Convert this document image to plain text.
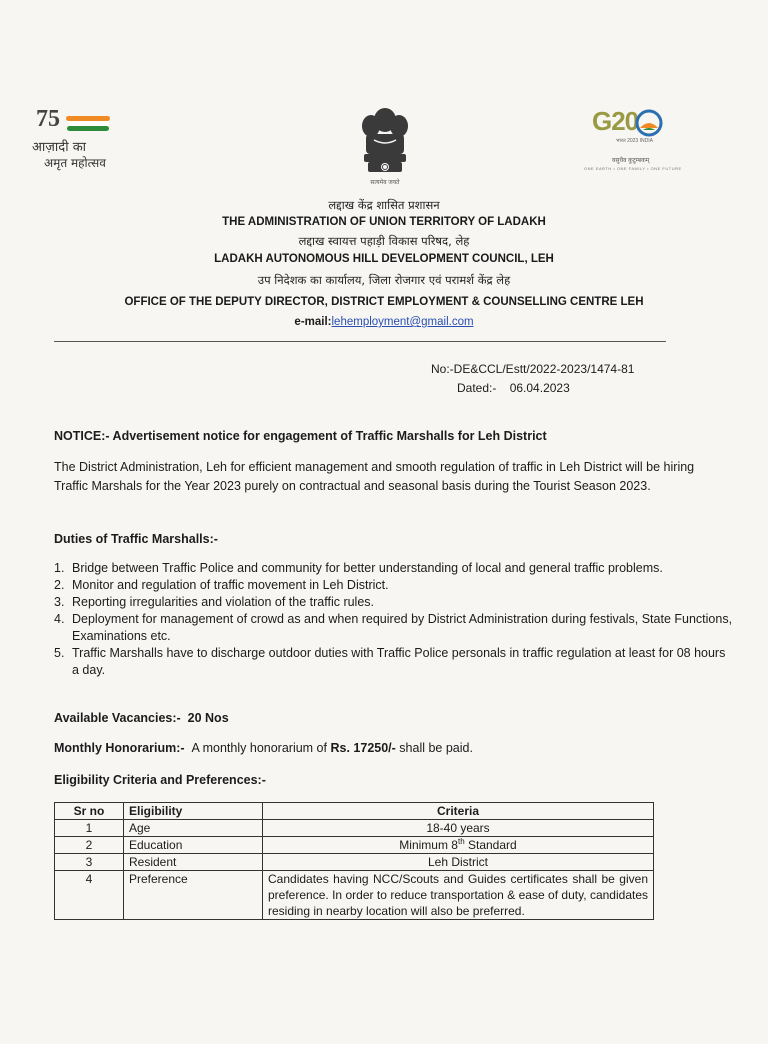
75
आज़ादी का
अमृत महोत्सव
सत्यमेव जयते
G20
भारत 2023 INDIA
वसुधैव कुटुम्बकम्
ONE EARTH • ONE FAMILY • ONE FUTURE
लद्दाख केंद्र शासित प्रशासन
THE ADMINISTRATION OF UNION TERRITORY OF LADAKH
लद्दाख स्वायत्त पहाड़ी विकास परिषद, लेह
LADAKH AUTONOMOUS HILL DEVELOPMENT COUNCIL, LEH
उप निदेशक का कार्यालय, जिला रोजगार एवं परामर्श केंद्र लेह
OFFICE OF THE DEPUTY DIRECTOR, DISTRICT EMPLOYMENT & COUNSELLING CENTRE LEH
e-mail:lehemployment@gmail.com
No:-DE&CCL/Estt/2022-2023/1474-81
Dated:- 06.04.2023
NOTICE:- Advertisement notice for engagement of Traffic Marshalls for Leh District
The District Administration, Leh for efficient management and smooth regulation of traffic in Leh District will be hiring Traffic Marshals for the Year 2023 purely on contractual and seasonal basis during the Tourist Season 2023.
Duties of Traffic Marshalls:-
1. Bridge between Traffic Police and community for better understanding of local and general traffic problems.
2. Monitor and regulation of traffic movement in Leh District.
3. Reporting irregularities and violation of the traffic rules.
4. Deployment for management of crowd as and when required by District Administration during festivals, State Functions, Examinations etc.
5. Traffic Marshalls have to discharge outdoor duties with Traffic Police personals in traffic regulation at least for 08 hours a day.
Available Vacancies:- 20 Nos
Monthly Honorarium:- A monthly honorarium of Rs. 17250/- shall be paid.
Eligibility Criteria and Preferences:-
Sr no	Eligibility	Criteria
1	Age	18-40 years
2	Education	Minimum 8th Standard
3	Resident	Leh District
4	Preference	Candidates having NCC/Scouts and Guides certificates shall be given preference. In order to reduce transportation & ease of duty, candidates residing in nearby location will also be preferred.
